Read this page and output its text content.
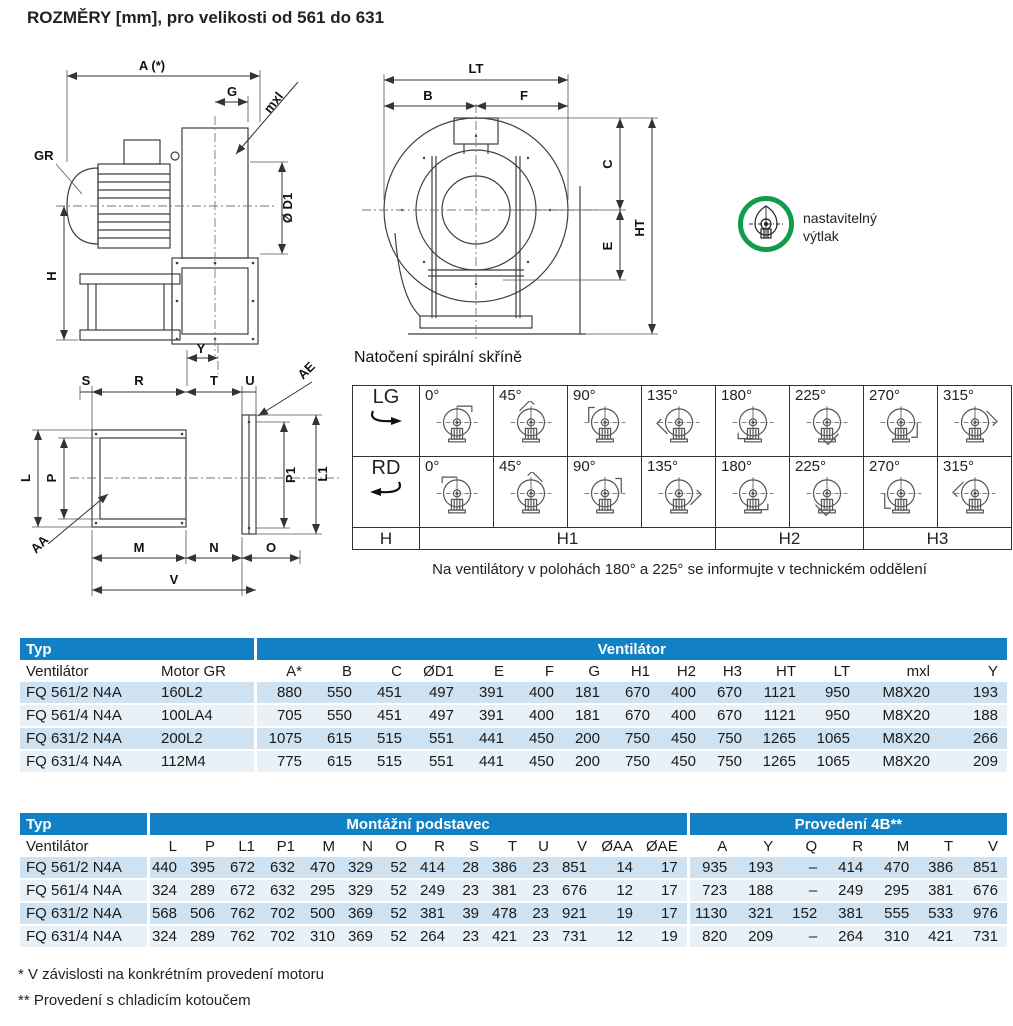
ROZMĚRY [mm], pro velikosti od 561 do 631
A (*)
G mxl
GR
Ø D1
H
LT
B	F
C
E
HT
Y
S	R	T U	AE
L P	P1 L1
AA	M	N	O
V
nastavitelný
výtlak
Natočení spirální skříně
LG	0°	45°	90°	135°	180°	225°	270°	315°

RD	0°	45°	90°	135°	180°	225°	270°	315°

H	H1				H2		H3	
Na ventilátory v polohách 180° a 225° se informujte v technickém oddělení
Typ		Ventilátor													
Ventilátor	Motor GR	A*	B	C	ØD1	E	F	G	H1	H2	H3	HT	LT	mxl	Y
FQ 561/2 N4A	160L2	880	550	451	497	391	400	181	670	400	670	1121	950	M8X20	193
FQ 561/4 N4A	100LA4	705	550	451	497	391	400	181	670	400	670	1121	950	M8X20	188
FQ 631/2 N4A	200L2	1075	615	515	551	441	450	200	750	450	750	1265	1065	M8X20	266
FQ 631/4 N4A	112M4	775	615	515	551	441	450	200	750	450	750	1265	1065	M8X20	209
Typ	Montážní podstavec														Provedení 4B**						
Ventilátor	L	P	L1	P1	M	N	O	R	S	T	U	V	ØAA	ØAE	A	Y	Q	R	M	T	V
FQ 561/2 N4A	440	395	672	632	470	329	52	414	28	386	23	851	14	17	935	193	–	414	470	386	851
FQ 561/4 N4A	324	289	672	632	295	329	52	249	23	381	23	676	12	17	723	188	–	249	295	381	676
FQ 631/2 N4A	568	506	762	702	500	369	52	381	39	478	23	921	19	17	1130	321	152	381	555	533	976
FQ 631/4 N4A	324	289	762	702	310	369	52	264	23	421	23	731	12	19	820	209	–	264	310	421	731
* V závislosti na konkrétním provedení motoru
** Provedení s chladicím kotoučem
